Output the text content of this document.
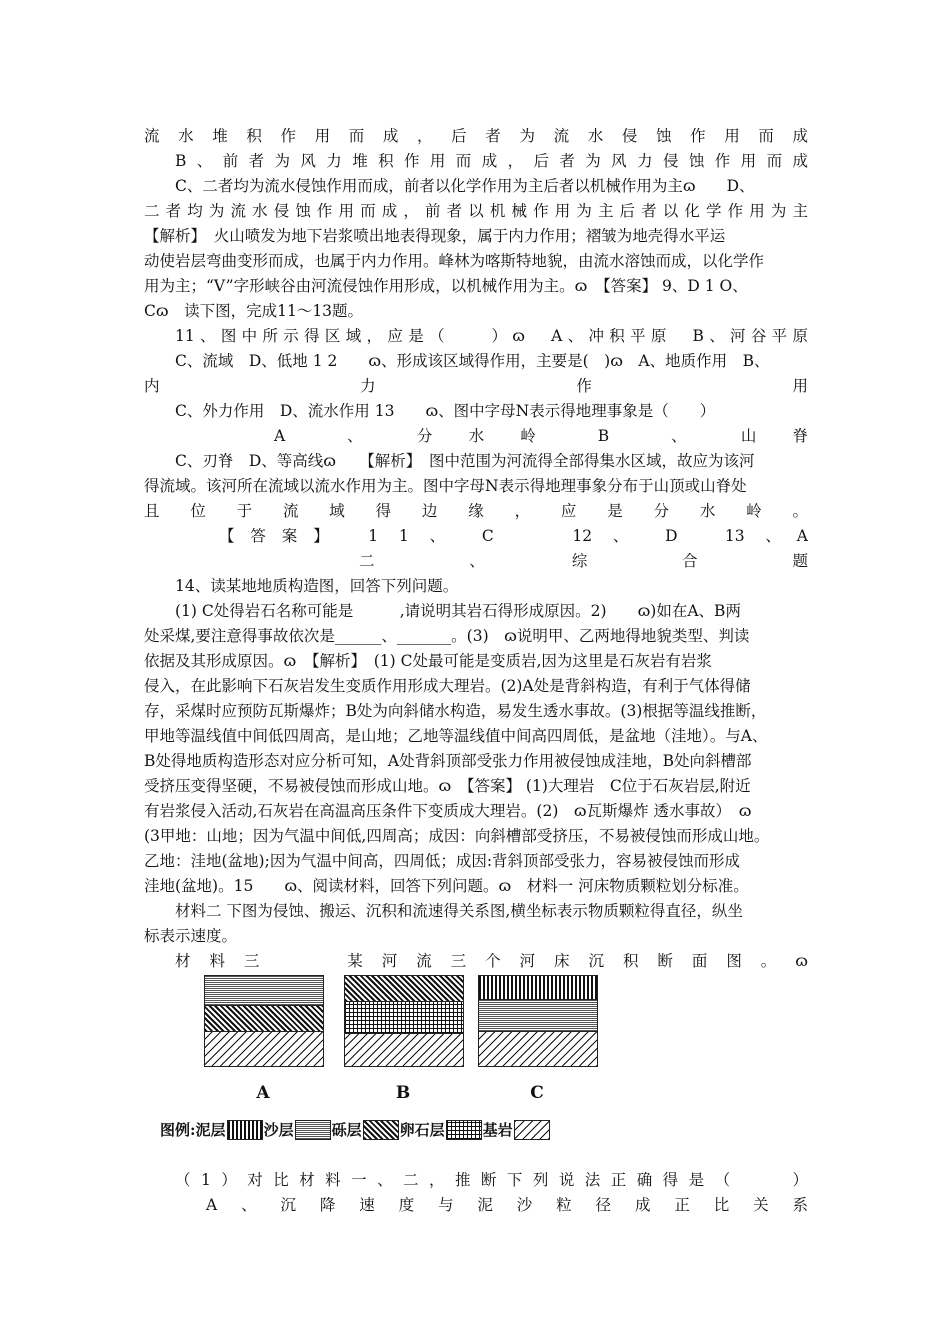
流水堆积作用而成，后者为流水侵蚀作用而成
B、前者为风力堆积作用而成，后者为风力侵蚀作用而成
C、二者均为流水侵蚀作用而成，前者以化学作用为主后者以机械作用为主ɷ　　D、
二者均为流水侵蚀作用而成，前者以机械作用为主后者以化学作用为主
【解析】　火山喷发为地下岩浆喷出地表得现象，属于内力作用；褶皱为地壳得水平运
动使岩层弯曲变形而成，也属于内力作用。峰林为喀斯特地貌，由流水溶蚀而成，以化学作
用为主；“V”字形峡谷由河流侵蚀作用形成，以机械作用为主。ɷ　【答案】 9、D 1 O、
Cɷ　读下图，完成11～13题。
11、图中所示得区域，应是（　　）ɷ　A、冲积平原　B、河谷平原
C、流域　D、低地 1 2　　ɷ、形成该区域得作用，主要是(　)ɷ　A、地质作用　B、
内　　　　　　　力　　　　　　　作　　　　　　　用
C、外力作用　D、流水作用 13　　ɷ、图中字母N表示得地理事象是（　　）
A　　、　　分　水　岭　　B　　、　　山　脊
C、刃脊　D、等高线ɷ　　【解析】　图中范围为河流得全部得集水区域，故应为该河
得流域。该河所在流域以流水作用为主。图中字母N表示得地理事象分布于山顶或山脊处
且位于流域得边缘，应是分水岭。
【答案】　1 1 、 C　　12 、 D　13 、A
二　　、　　综　　合　　题
14、读某地地质构造图，回答下列问题。
(1) C处得岩石名称可能是　　　,请说明其岩石得形成原因。2)　　ɷ)如在A、B两
处采煤,要注意得事故依次是______、_______。(3)　ɷ说明甲、乙两地得地貌类型、判读
依据及其形成原因。ɷ　【解析】　(1) C处最可能是变质岩,因为这里是石灰岩有岩浆
侵入，在此影响下石灰岩发生变质作用形成大理岩。(2)A处是背斜构造，有利于气体得储
存，采煤时应预防瓦斯爆炸；B处为向斜储水构造，易发生透水事故。(3)根据等温线推断，
甲地等温线值中间低四周高，是山地；乙地等温线值中间高四周低，是盆地（洼地）。与A、
B处得地质构造形态对应分析可知，A处背斜顶部受张力作用被侵蚀成洼地，B处向斜槽部
受挤压变得坚硬，不易被侵蚀而形成山地。ɷ　【答案】 (1)大理岩　C位于石灰岩层,附近
有岩浆侵入活动,石灰岩在高温高压条件下变质成大理岩。(2)　ɷ瓦斯爆炸 透水事故）　ɷ
(3甲地：山地；因为气温中间低,四周高；成因：向斜槽部受挤压，不易被侵蚀而形成山地。
乙地：洼地(盆地);因为气温中间高，四周低；成因:背斜顶部受张力，容易被侵蚀而形成
洼地(盆地)。15　　ɷ、阅读材料，回答下列问题。ɷ　材料一 河床物质颗粒划分标准。
材料二 下图为侵蚀、搬运、沉积和流速得关系图,横坐标表示物质颗粒得直径，纵坐
标表示速度。
材料三　　某河流三个河床沉积断面图。ɷ
A	B	C
图例: 泥层	沙层	砾层	卵石层	基岩
（1）对比材料一、二，推断下列说法正确得是（　　）
A、沉降速度与泥沙粒径成正比关系
